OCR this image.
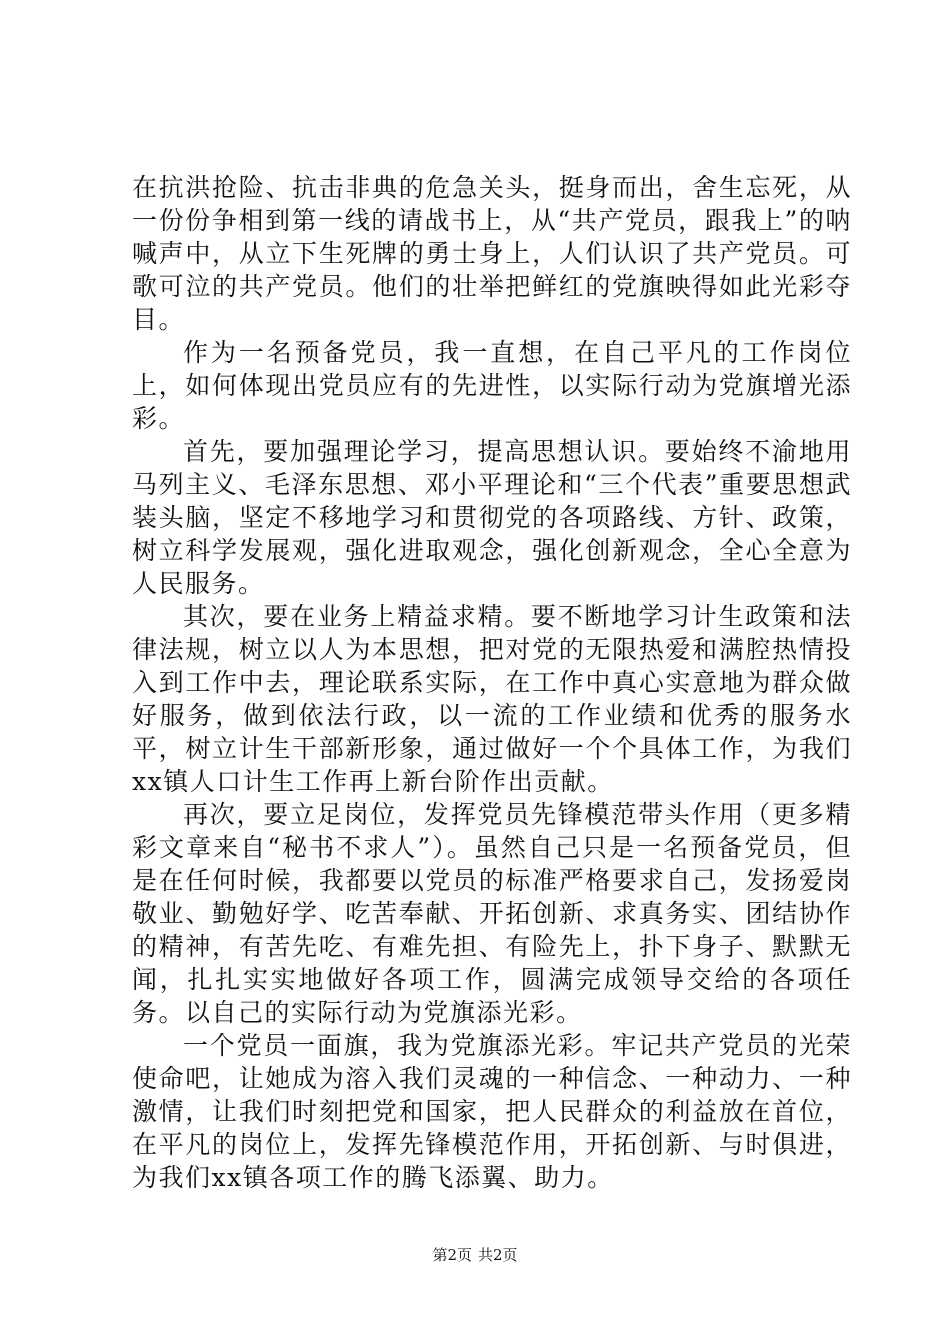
在抗洪抢险、抗击非典的危急关头，挺身而出，舍生忘死，从一份份争相到第一线的请战书上，从“共产党员，跟我上”的呐喊声中，从立下生死牌的勇士身上，人们认识了共产党员。可歌可泣的共产党员。他们的壮举把鲜红的党旗映得如此光彩夺目。

作为一名预备党员，我一直想，在自己平凡的工作岗位上，如何体现出党员应有的先进性，以实际行动为党旗增光添彩。

首先，要加强理论学习，提高思想认识。要始终不渝地用马列主义、毛泽东思想、邓小平理论和“三个代表”重要思想武装头脑，坚定不移地学习和贯彻党的各项路线、方针、政策，树立科学发展观，强化进取观念，强化创新观念，全心全意为人民服务。

其次，要在业务上精益求精。要不断地学习计生政策和法律法规，树立以人为本思想，把对党的无限热爱和满腔热情投入到工作中去，理论联系实际，在工作中真心实意地为群众做好服务，做到依法行政，以一流的工作业绩和优秀的服务水平，树立计生干部新形象，通过做好一个个具体工作，为我们xx镇人口计生工作再上新台阶作出贡献。

再次，要立足岗位，发挥党员先锋模范带头作用（更多精彩文章来自“秘书不求人”）。虽然自己只是一名预备党员，但是在任何时候，我都要以党员的标准严格要求自己，发扬爱岗敬业、勤勉好学、吃苦奉献、开拓创新、求真务实、团结协作的精神，有苦先吃、有难先担、有险先上，扑下身子、默默无闻，扎扎实实地做好各项工作，圆满完成领导交给的各项任务。以自己的实际行动为党旗添光彩。

一个党员一面旗，我为党旗添光彩。牢记共产党员的光荣使命吧，让她成为溶入我们灵魂的一种信念、一种动力、一种激情，让我们时刻把党和国家，把人民群众的利益放在首位，在平凡的岗位上，发挥先锋模范作用，开拓创新、与时俱进，为我们xx镇各项工作的腾飞添翼、助力。

第2页 共2页
